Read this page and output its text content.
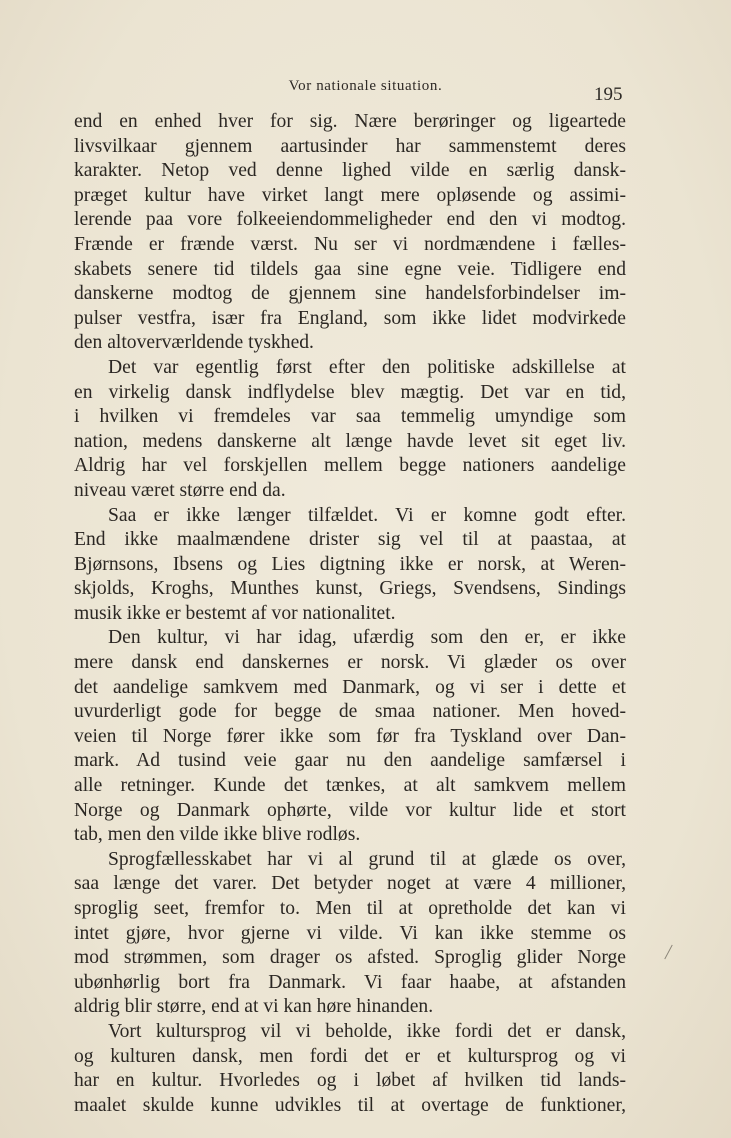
Vor nationale situation.	195
end en enhed hver for sig. Nære berøringer og ligeartede
livsvilkaar gjennem aartusinder har sammenstemt deres
karakter. Netop ved denne lighed vilde en særlig dansk-
præget kultur have virket langt mere opløsende og assimi-
lerende paa vore folkeeiendommeligheder end den vi modtog.
Frænde er frænde værst. Nu ser vi nordmændene i fælles-
skabets senere tid tildels gaa sine egne veie. Tidligere end
danskerne modtog de gjennem sine handelsforbindelser im-
pulser vestfra, især fra England, som ikke lidet modvirkede
den altoverværldende tyskhed.
Det var egentlig først efter den politiske adskillelse at
en virkelig dansk indflydelse blev mægtig. Det var en tid,
i hvilken vi fremdeles var saa temmelig umyndige som
nation, medens danskerne alt længe havde levet sit eget liv.
Aldrig har vel forskjellen mellem begge nationers aandelige
niveau været større end da.
Saa er ikke længer tilfældet. Vi er komne godt efter.
End ikke maalmændene drister sig vel til at paastaa, at
Bjørnsons, Ibsens og Lies digtning ikke er norsk, at Weren-
skjolds, Kroghs, Munthes kunst, Griegs, Svendsens, Sindings
musik ikke er bestemt af vor nationalitet.
Den kultur, vi har idag, ufærdig som den er, er ikke
mere dansk end danskernes er norsk. Vi glæder os over
det aandelige samkvem med Danmark, og vi ser i dette et
uvurderligt gode for begge de smaa nationer. Men hoved-
veien til Norge fører ikke som før fra Tyskland over Dan-
mark. Ad tusind veie gaar nu den aandelige samfærsel i
alle retninger. Kunde det tænkes, at alt samkvem mellem
Norge og Danmark ophørte, vilde vor kultur lide et stort
tab, men den vilde ikke blive rodløs.
Sprogfællesskabet har vi al grund til at glæde os over,
saa længe det varer. Det betyder noget at være 4 millioner,
sproglig seet, fremfor to. Men til at opretholde det kan vi
intet gjøre, hvor gjerne vi vilde. Vi kan ikke stemme os
mod strømmen, som drager os afsted. Sproglig glider Norge
ubønhørlig bort fra Danmark. Vi faar haabe, at afstanden
aldrig blir større, end at vi kan høre hinanden.
Vort kultursprog vil vi beholde, ikke fordi det er dansk,
og kulturen dansk, men fordi det er et kultursprog og vi
har en kultur. Hvorledes og i løbet af hvilken tid lands-
maalet skulde kunne udvikles til at overtage de funktioner,
